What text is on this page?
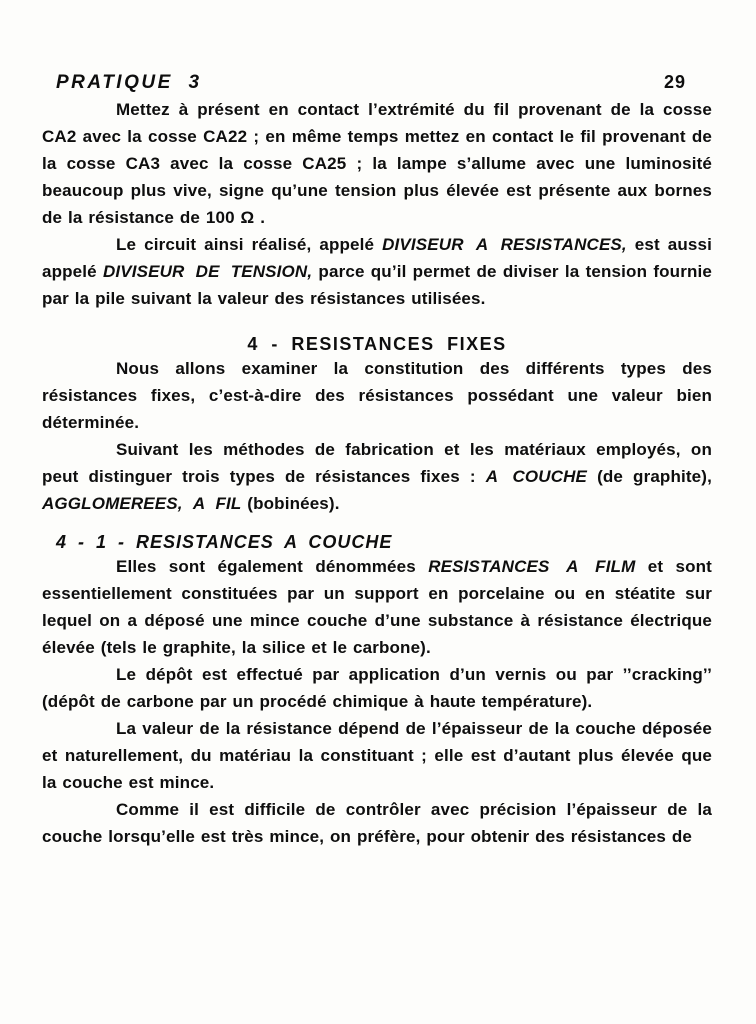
PRATIQUE 3	29

Mettez à présent en contact l’extrémité du fil provenant de la cosse CA2 avec la cosse CA22 ; en même temps mettez en contact le fil provenant de la cosse CA3 avec la cosse CA25 ; la lampe s’allume avec une luminosité beaucoup plus vive, signe qu’une tension plus élevée est présente aux bornes de la résistance de 100 Ω .

Le circuit ainsi réalisé, appelé DIVISEUR A RESISTANCES, est aussi appelé DIVISEUR DE TENSION, parce qu’il permet de diviser la tension fournie par la pile suivant la valeur des résistances utilisées.

4 - RESISTANCES FIXES

Nous allons examiner la constitution des différents types des résistances fixes, c’est-à-dire des résistances possédant une valeur bien déterminée.

Suivant les méthodes de fabrication et les matériaux employés, on peut distinguer trois types de résistances fixes : A COUCHE (de graphite), AGGLOMEREES, A FIL (bobinées).

4 - 1 - RESISTANCES A COUCHE

Elles sont également dénommées RESISTANCES A FILM et sont essentiellement constituées par un support en porcelaine ou en stéatite sur lequel on a déposé une mince couche d’une substance à résistance électrique élevée (tels le graphite, la silice et le carbone).

Le dépôt est effectué par application d’un vernis ou par ’’cracking’’ (dépôt de carbone par un procédé chimique à haute température).

La valeur de la résistance dépend de l’épaisseur de la couche déposée et naturellement, du matériau la constituant ; elle est d’autant plus élevée que la couche est mince.

Comme il est difficile de contrôler avec précision l’épaisseur de la couche lorsqu’elle est très mince, on préfère, pour obtenir des résistances de
